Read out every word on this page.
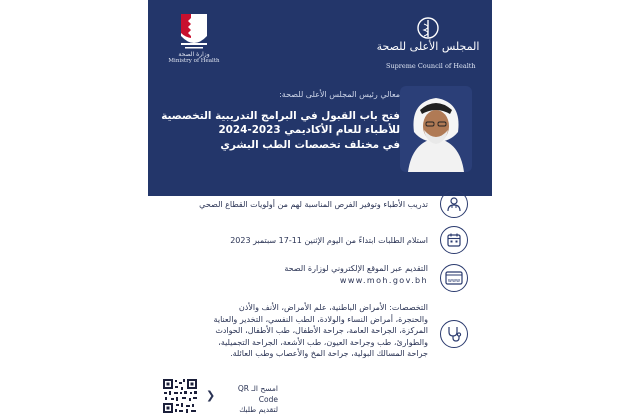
وزارة الصحة
Ministry of Health
المجلس الأعلى للصحة
Supreme Council of Health
معالي رئيس المجلس الأعلى للصحة:
فتح باب القبول في البرامج التدريبية التخصصية
للأطباء للعام الأكاديمي 2023-2024
في مختلف تخصصات الطب البشري
تدريب الأطباء وتوفير الفرص المناسبة لهم من أولويات القطاع الصحي
استلام الطلبات ابتداءً من اليوم الإثنين 11-17 سبتمبر 2023
www
التقديم عبر الموقع الإلكتروني لوزارة الصحة
www.moh.gov.bh
التخصصات: الأمراض الباطنية، علم الأمراض، الأنف والأذن
والحنجرة، أمراض النساء والولادة، الطب النفسي، التخدير والعناية
المركزة، الجراحة العامة، جراحة الأطفال، طب الأطفال، الحوادث
والطوارئ، طب وجراحة العيون، طب الأشعة، الجراحة التجميلية،
جراحة المسالك البولية، جراحة المخ والأعصاب وطب العائلة.
❯
امسح الـ QR Code
لتقديم طلبك
